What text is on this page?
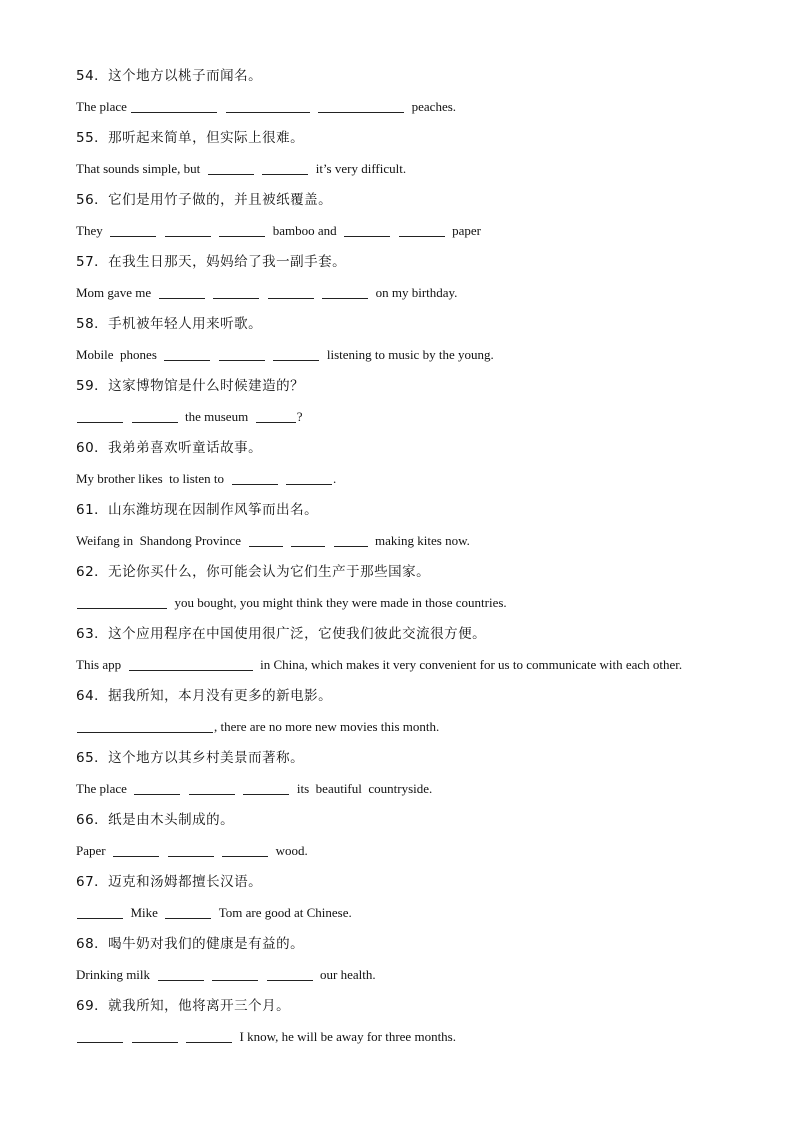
54．这个地方以桃子而闻名。
The place	peaches.
55．那听起来简单，但实际上很难。
That sounds simple, but	it’s very difficult.
56．它们是用竹子做的，并且被纸覆盖。
They	bamboo and	paper
57．在我生日那天，妈妈给了我一副手套。
Mom gave me	on my birthday.
58．手机被年轻人用来听歌。
Mobile  phones	listening to music by the young.
59．这家博物馆是什么时候建造的？
the museum	?
60．我弟弟喜欢听童话故事。
My brother likes  to listen to	.
61．山东潍坊现在因制作风筝而出名。
Weifang in  Shandong Province	making kites now.
62．无论你买什么，你可能会认为它们生产于那些国家。
you bought, you might think they were made in those countries.
63．这个应用程序在中国使用很广泛，它使我们彼此交流很方便。
This app	in China, which makes it very convenient for us to communicate with each other.
64．据我所知，本月没有更多的新电影。
, there are no more new movies this month.
65．这个地方以其乡村美景而著称。
The place	its  beautiful  countryside.
66．纸是由木头制成的。
Paper	wood.
67．迈克和汤姆都擅长汉语。
Mike	Tom are good at Chinese.
68．喝牛奶对我们的健康是有益的。
Drinking milk	our health.
69．就我所知，他将离开三个月。
I know, he will be away for three months.
